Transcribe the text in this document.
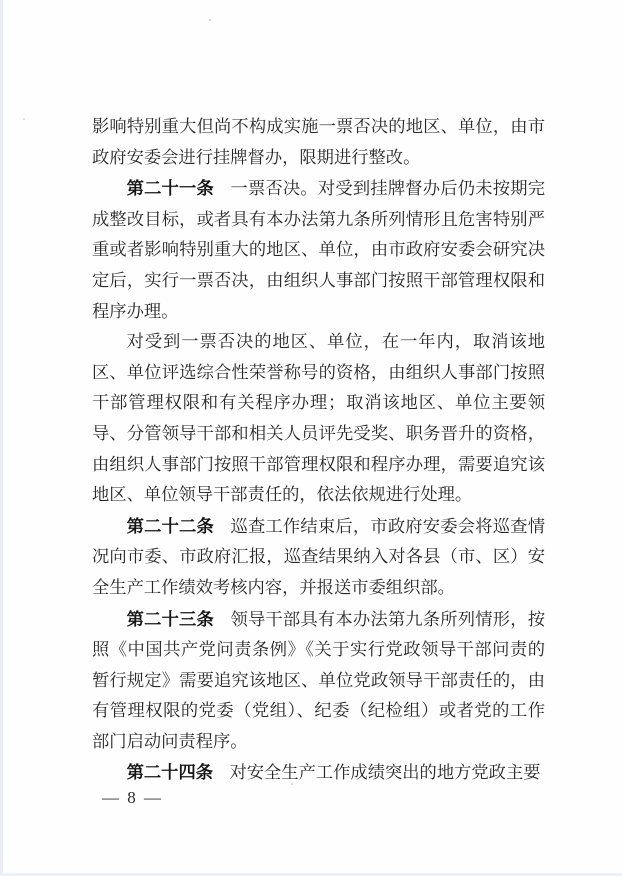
影响特别重大但尚不构成实施一票否决的地区、单位，由市政府安委会进行挂牌督办，限期进行整改。

第二十一条 一票否决。对受到挂牌督办后仍未按期完成整改目标，或者具有本办法第九条所列情形且危害特别严重或者影响特别重大的地区、单位，由市政府安委会研究决定后，实行一票否决，由组织人事部门按照干部管理权限和程序办理。

对受到一票否决的地区、单位，在一年内，取消该地区、单位评选综合性荣誉称号的资格，由组织人事部门按照干部管理权限和有关程序办理；取消该地区、单位主要领导、分管领导干部和相关人员评先受奖、职务晋升的资格，由组织人事部门按照干部管理权限和程序办理，需要追究该地区、单位领导干部责任的，依法依规进行处理。

第二十二条 巡查工作结束后，市政府安委会将巡查情况向市委、市政府汇报，巡查结果纳入对各县（市、区）安全生产工作绩效考核内容，并报送市委组织部。

第二十三条 领导干部具有本办法第九条所列情形，按照《中国共产党问责条例》《关于实行党政领导干部问责的暂行规定》需要追究该地区、单位党政领导干部责任的，由有管理权限的党委（党组）、纪委（纪检组）或者党的工作部门启动问责程序。

第二十四条 对安全生产工作成绩突出的地方党政主要

— 8 —
